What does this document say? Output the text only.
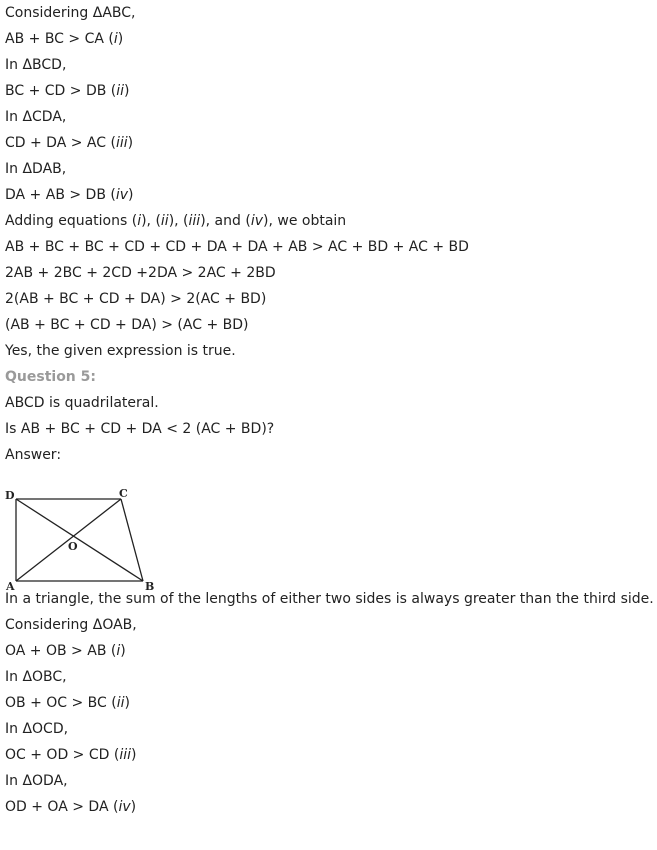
Considering ΔABC,
AB + BC > CA (i)
In ΔBCD,
BC + CD > DB (ii)
In ΔCDA,
CD + DA > AC (iii)
In ΔDAB,
DA + AB > DB (iv)
Adding equations (i), (ii), (iii), and (iv), we obtain
AB + BC + BC + CD + CD + DA + DA + AB > AC + BD + AC + BD
2AB + 2BC + 2CD +2DA > 2AC + 2BD
2(AB + BC + CD + DA) > 2(AC + BD)
(AB + BC + CD + DA) > (AC + BD)
Yes, the given expression is true.
Question 5:
ABCD is quadrilateral.
Is AB + BC + CD + DA < 2 (AC + BD)?
Answer:
D	C
O
A	B
In a triangle, the sum of the lengths of either two sides is always greater than the third side.
Considering ΔOAB,
OA + OB > AB (i)
In ΔOBC,
OB + OC > BC (ii)
In ΔOCD,
OC + OD > CD (iii)
In ΔODA,
OD + OA > DA (iv)
